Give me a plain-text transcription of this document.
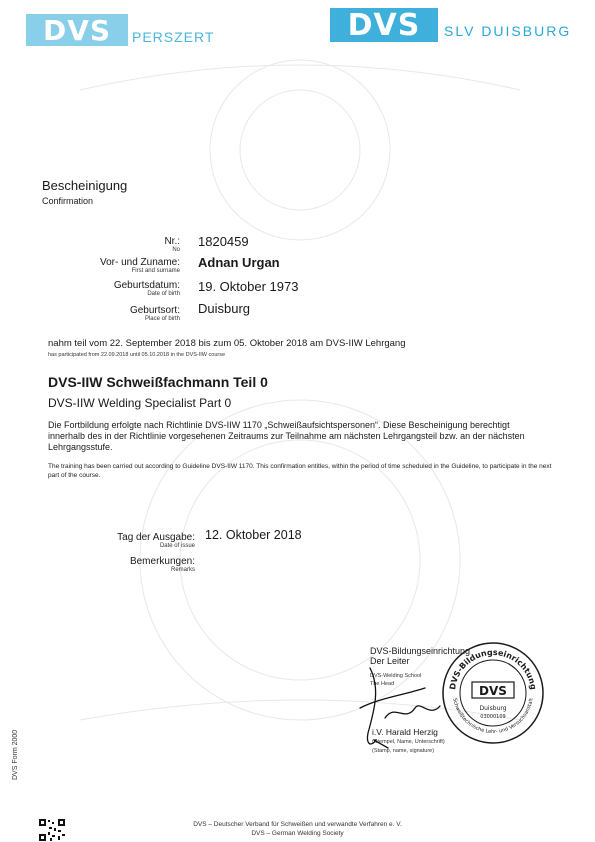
DVS	PERSZERT	DVS	SLV DUISBURG
Bescheinigung
Confirmation
Nr.:
No
1820459
Vor- und Zuname:
First and surname
Adnan Urgan
Geburtsdatum:
Date of birth 19. Oktober 1973
Geburtsort:
Place of birth
Duisburg
nahm teil vom 22. September 2018 bis zum 05. Oktober 2018 am DVS-IIW Lehrgang
has participated from 22.09.2018 until 05.10.2018 in the DVS-IIW course
DVS-IIW Schweißfachmann Teil 0
DVS-IIW Welding Specialist Part 0
Die Fortbildung erfolgte nach Richtlinie DVS-IIW 1170 „Schweißaufsichtspersonen“. Diese Bescheinigung berechtigt innerhalb des in der Richtlinie vorgesehenen Zeitraums zur Teilnahme am nächsten Lehrgangsteil bzw. an der nächsten Lehrgangsstufe.
The training has been carried out according to Guideline DVS-IIW 1170. This confirmation entitles, within the period of time scheduled in the Guideline, to participate in the next part of the course.
Tag der Ausgabe:
Date of issue
12. Oktober 2018
Bemerkungen:
Remarks
DVS-Bildungseinrichtung
Der Leiter
DVS-Welding School
The Head
i.V. Harald Herzig
(Stempel, Name, Unterschrift)
(Stamp, name, signature)
DVS-Bildungseinrichtung
Schweißtechnische Lehr- und Versuchsanstalt
DVS
Duisburg
03000109
DVS Form 2000
DVS – Deutscher Verband für Schweißen und verwandte Verfahren e. V.
DVS – German Welding Society
